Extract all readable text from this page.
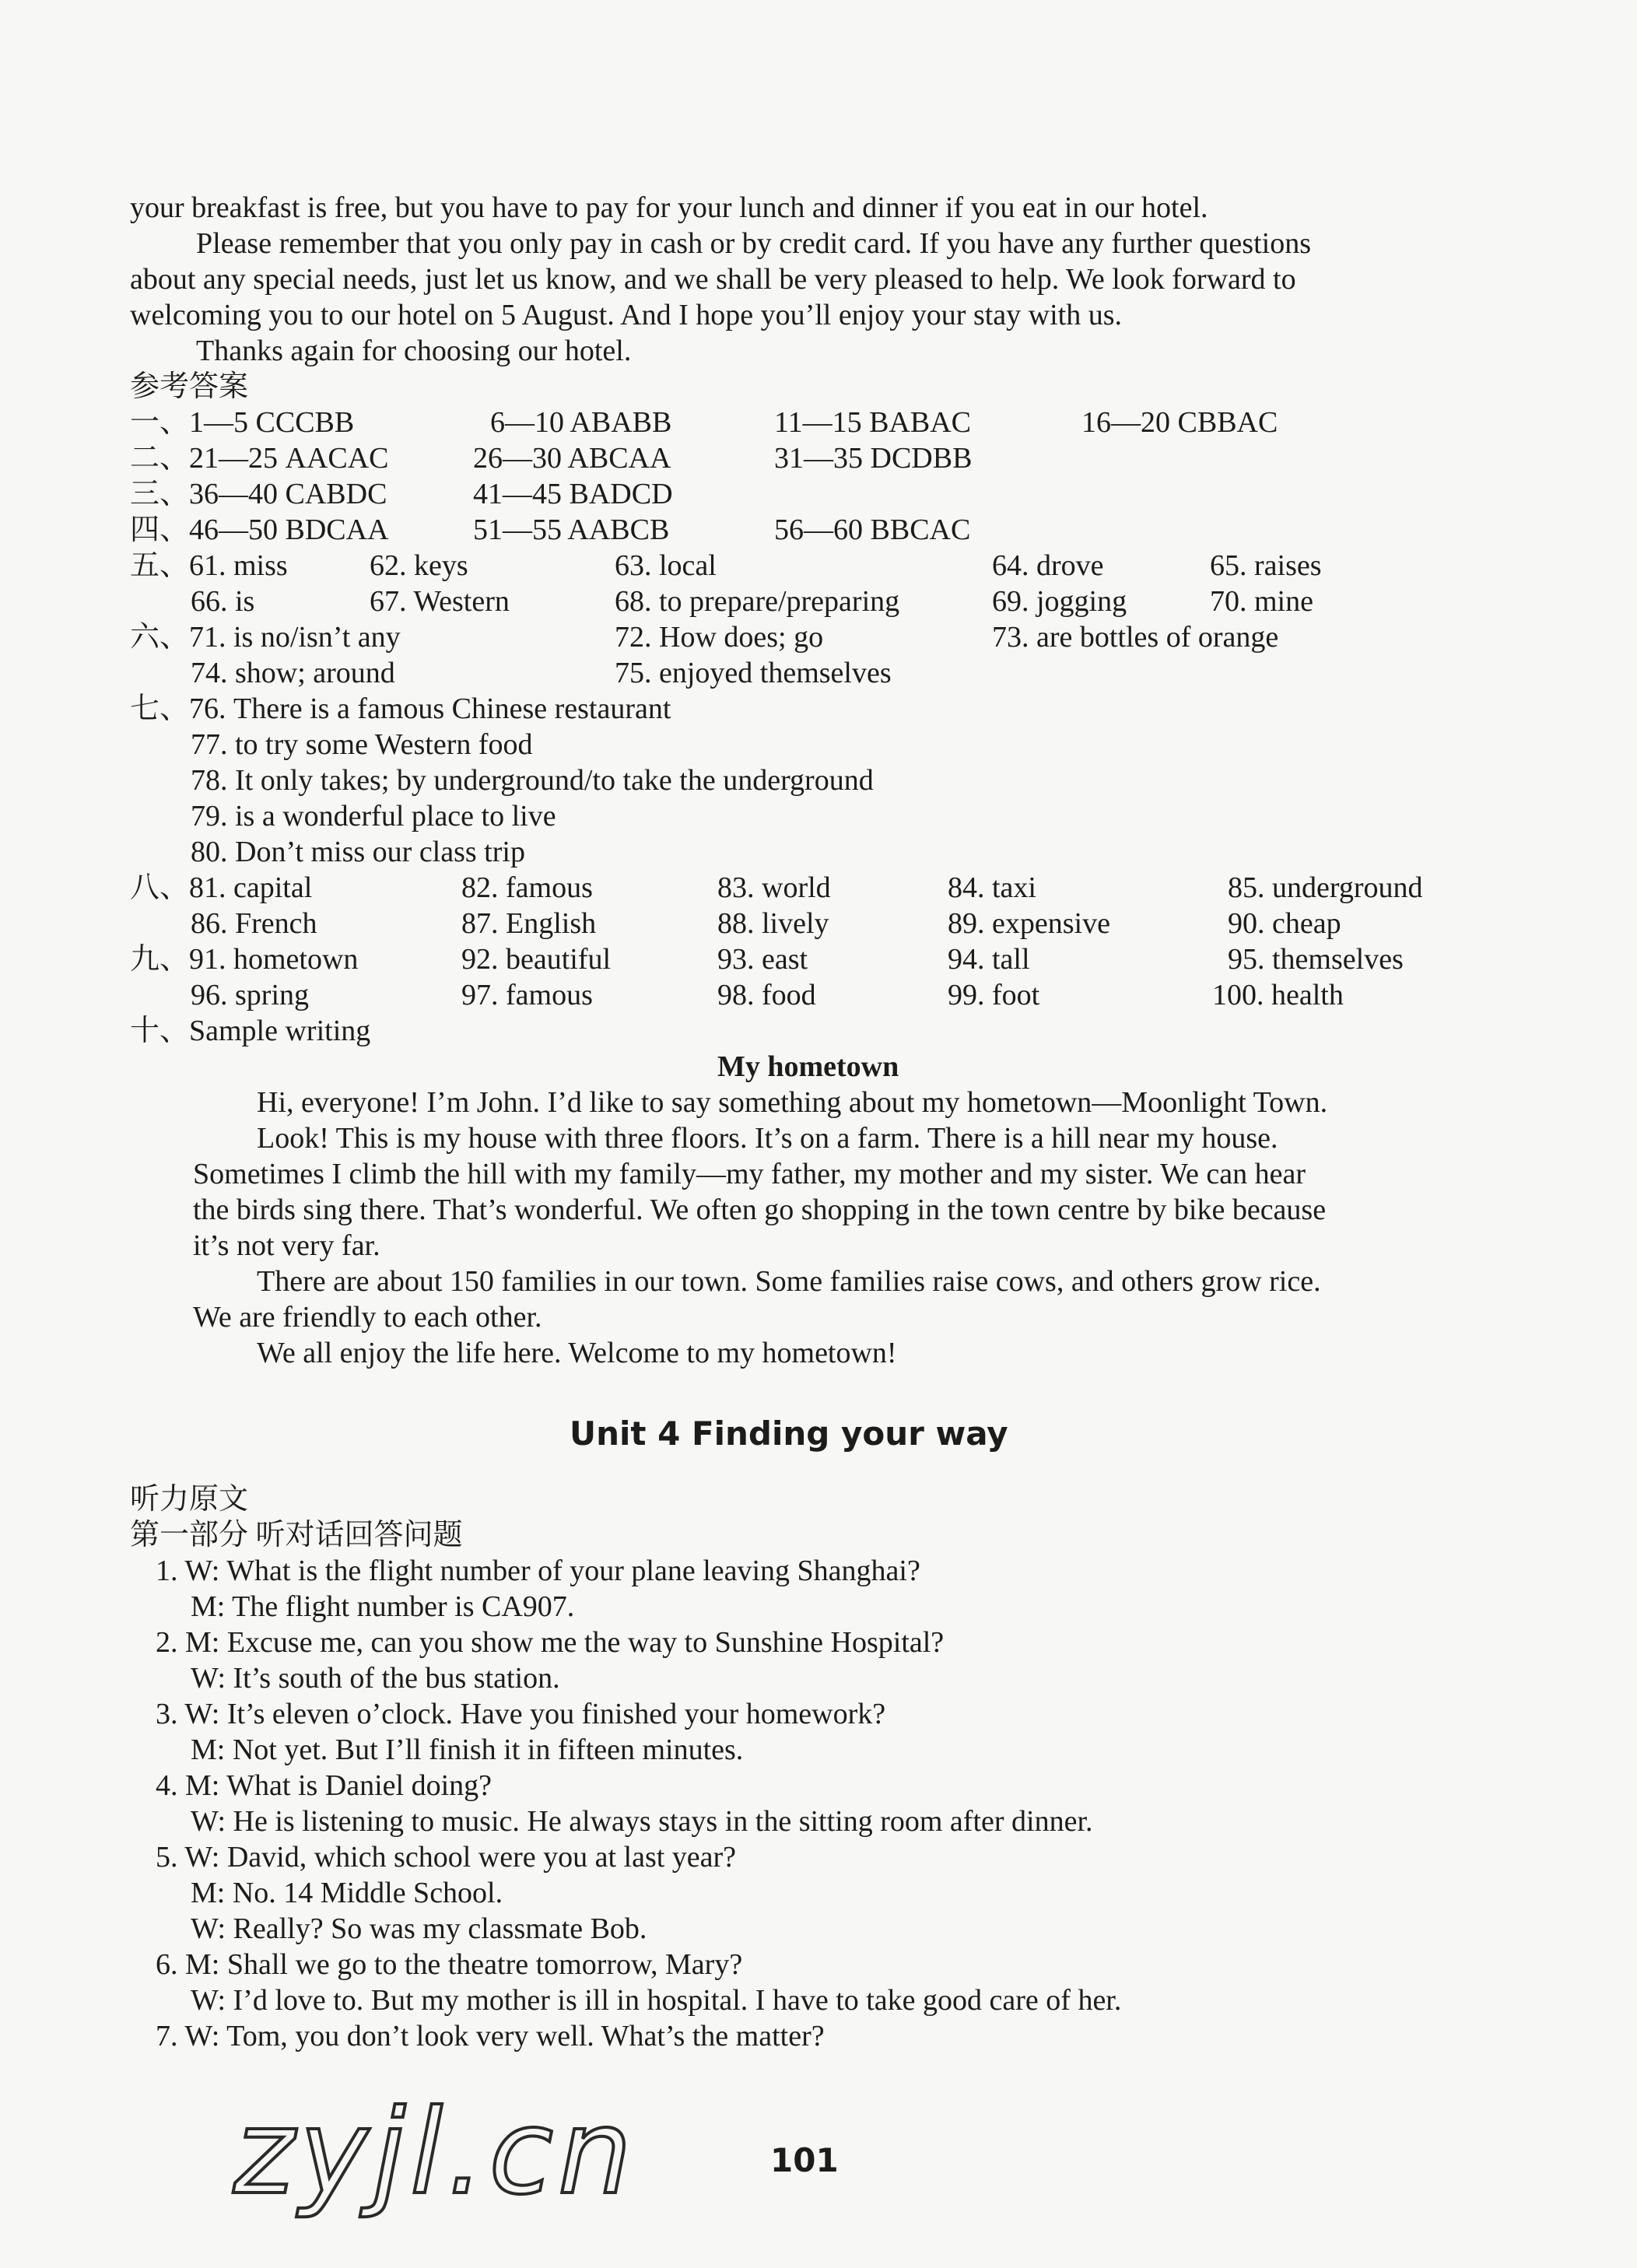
your breakfast is free, but you have to pay for your lunch and dinner if you eat in our hotel.
Please remember that you only pay in cash or by credit card. If you have any further questions
about any special needs, just let us know, and we shall be very pleased to help. We look forward to
welcoming you to our hotel on 5 August. And I hope you’ll enjoy your stay with us.
Thanks again for choosing our hotel.
参考答案
一、1—5 CCCBB	6—10 ABABB	11—15 BABAC	16—20 CBBAC
二、21—25 AACAC	26—30 ABCAA	31—35 DCDBB
三、36—40 CABDC	41—45 BADCD
四、46—50 BDCAA	51—55 AABCB	56—60 BBCAC
五、61. miss	62. keys	63. local	64. drove	65. raises
66. is	67. Western	68. to prepare/preparing	69. jogging	70. mine
六、71. is no/isn’t any	72. How does; go	73. are bottles of orange
74. show; around	75. enjoyed themselves
七、76. There is a famous Chinese restaurant
77. to try some Western food
78. It only takes; by underground/to take the underground
79. is a wonderful place to live
80. Don’t miss our class trip
八、81. capital	82. famous	83. world	84. taxi	85. underground
86. French	87. English	88. lively	89. expensive	90. cheap
九、91. hometown	92. beautiful	93. east	94. tall	95. themselves
96. spring	97. famous	98. food	99. foot	100. health
十、Sample writing
My hometown
Hi, everyone! I’m John. I’d like to say something about my hometown—Moonlight Town.
Look! This is my house with three floors. It’s on a farm. There is a hill near my house.
Sometimes I climb the hill with my family—my father, my mother and my sister. We can hear
the birds sing there. That’s wonderful. We often go shopping in the town centre by bike because
it’s not very far.
There are about 150 families in our town. Some families raise cows, and others grow rice.
We are friendly to each other.
We all enjoy the life here. Welcome to my hometown!
Unit 4 Finding your way
听力原文
第一部分 听对话回答问题
1. W: What is the flight number of your plane leaving Shanghai?
M: The flight number is CA907.
2. M: Excuse me, can you show me the way to Sunshine Hospital?
W: It’s south of the bus station.
3. W: It’s eleven o’clock. Have you finished your homework?
M: Not yet. But I’ll finish it in fifteen minutes.
4. M: What is Daniel doing?
W: He is listening to music. He always stays in the sitting room after dinner.
5. W: David, which school were you at last year?
M: No. 14 Middle School.
W: Really? So was my classmate Bob.
6. M: Shall we go to the theatre tomorrow, Mary?
W: I’d love to. But my mother is ill in hospital. I have to take good care of her.
7. W: Tom, you don’t look very well. What’s the matter?
zyjl.cn	101
